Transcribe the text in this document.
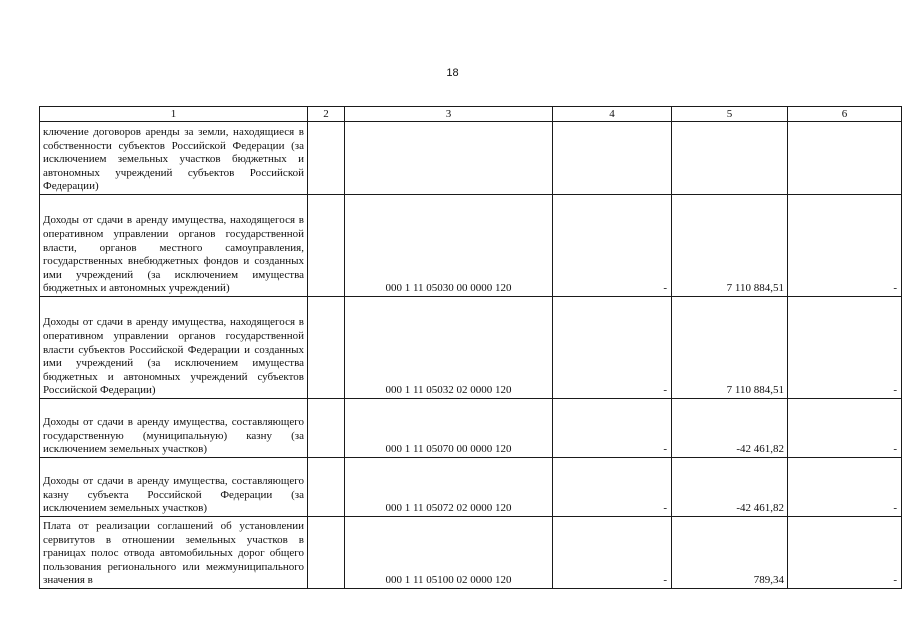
18
1	2	3	4	5	6
ключение договоров аренды за земли, находящиеся в собственности субъектов Российской Федерации (за исключением земельных участков бюджетных и автономных учреждений субъектов Российской Федерации)					
Доходы от сдачи в аренду имущества, находящегося в оперативном управлении органов государственной власти, органов местного самоуправления, государственных внебюджетных фондов и созданных ими учреждений (за исключением имущества бюджетных и автономных учреждений)		000 1 11 05030 00 0000 120	-	7 110 884,51	-
Доходы от сдачи в аренду имущества, находящегося в оперативном управлении органов государственной власти субъектов Российской Федерации и созданных ими учреждений (за исключением имущества бюджетных и автономных учреждений субъектов Российской Федерации)		000 1 11 05032 02 0000 120	-	7 110 884,51	-
Доходы от сдачи в аренду имущества, составляющего государственную (муниципальную) казну (за исключением земельных участков)		000 1 11 05070 00 0000 120	-	-42 461,82	-
Доходы от сдачи в аренду имущества, составляющего казну субъекта Российской Федерации (за исключением земельных участков)		000 1 11 05072 02 0000 120	-	-42 461,82	-
Плата от реализации соглашений об установлении сервитутов в отношении земельных участков в границах полос отвода автомобильных дорог общего пользования регионального или межмуниципального значения в		000 1 11 05100 02 0000 120	-	789,34	-
